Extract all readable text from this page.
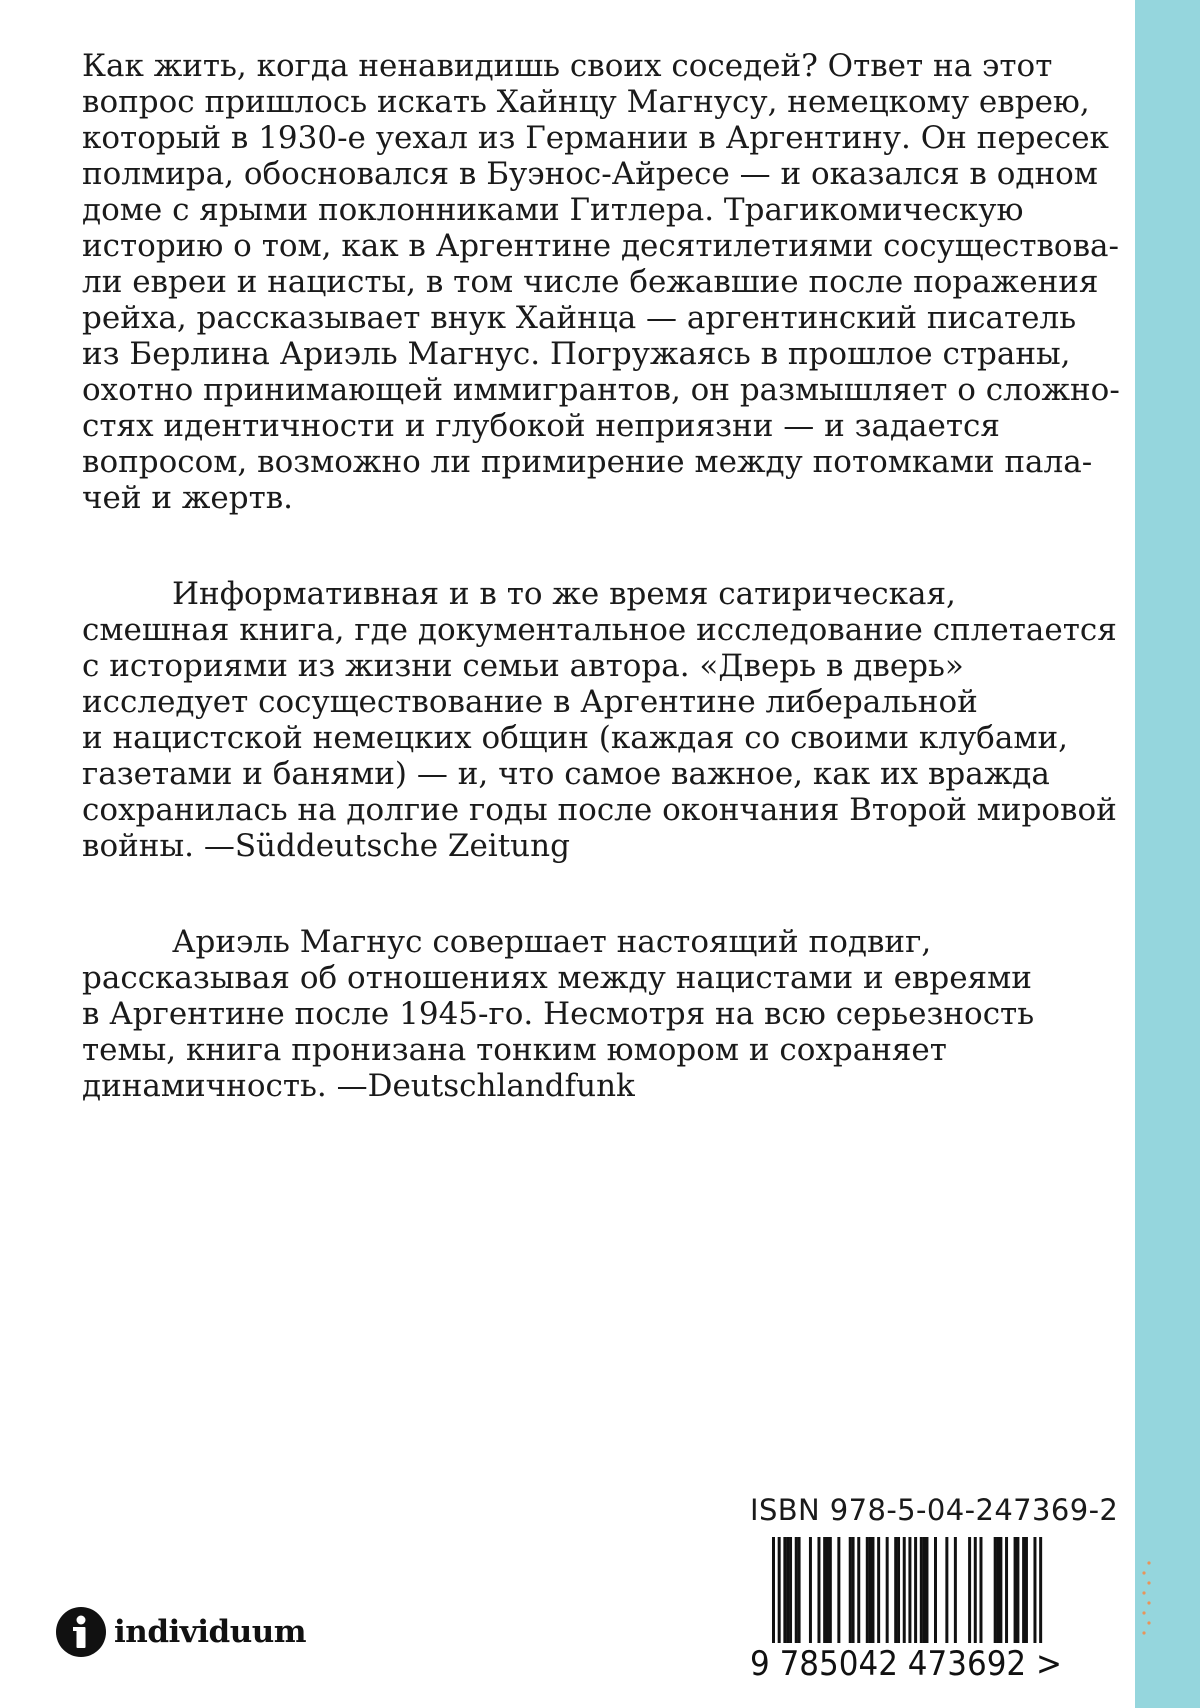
Как жить, когда ненавидишь своих соседей? Ответ на этот
вопрос пришлось искать Хайнцу Магнусу, немецкому еврею,
который в 1930-е уехал из Германии в Аргентину. Он пересек
полмира, обосновался в Буэнос-Айресе — и оказался в одном
доме с ярыми поклонниками Гитлера. Трагикомическую
историю о том, как в Аргентине десятилетиями сосуществова-
ли евреи и нацисты, в том числе бежавшие после поражения
рейха, рассказывает внук Хайнца — аргентинский писатель
из Берлина Ариэль Магнус. Погружаясь в прошлое страны,
охотно принимающей иммигрантов, он размышляет о сложно-
стях идентичности и глубокой неприязни — и задается
вопросом, возможно ли примирение между потомками пала-
чей и жертв.

Информативная и в то же время сатирическая,
смешная книга, где документальное исследование сплетается
с историями из жизни семьи автора. «Дверь в дверь»
исследует сосуществование в Аргентине либеральной
и нацистской немецких общин (каждая со своими клубами,
газетами и банями) — и, что самое важное, как их вражда
сохранилась на долгие годы после окончания Второй мировой
войны. —Süddeutsche Zeitung

Ариэль Магнус совершает настоящий подвиг,
рассказывая об отношениях между нацистами и евреями
в Аргентине после 1945-го. Несмотря на всю серьезность
темы, книга пронизана тонким юмором и сохраняет
динамичность. —Deutschlandfunk

ISBN 978-5-04-247369-2
9 785042 473692 >
individuum
